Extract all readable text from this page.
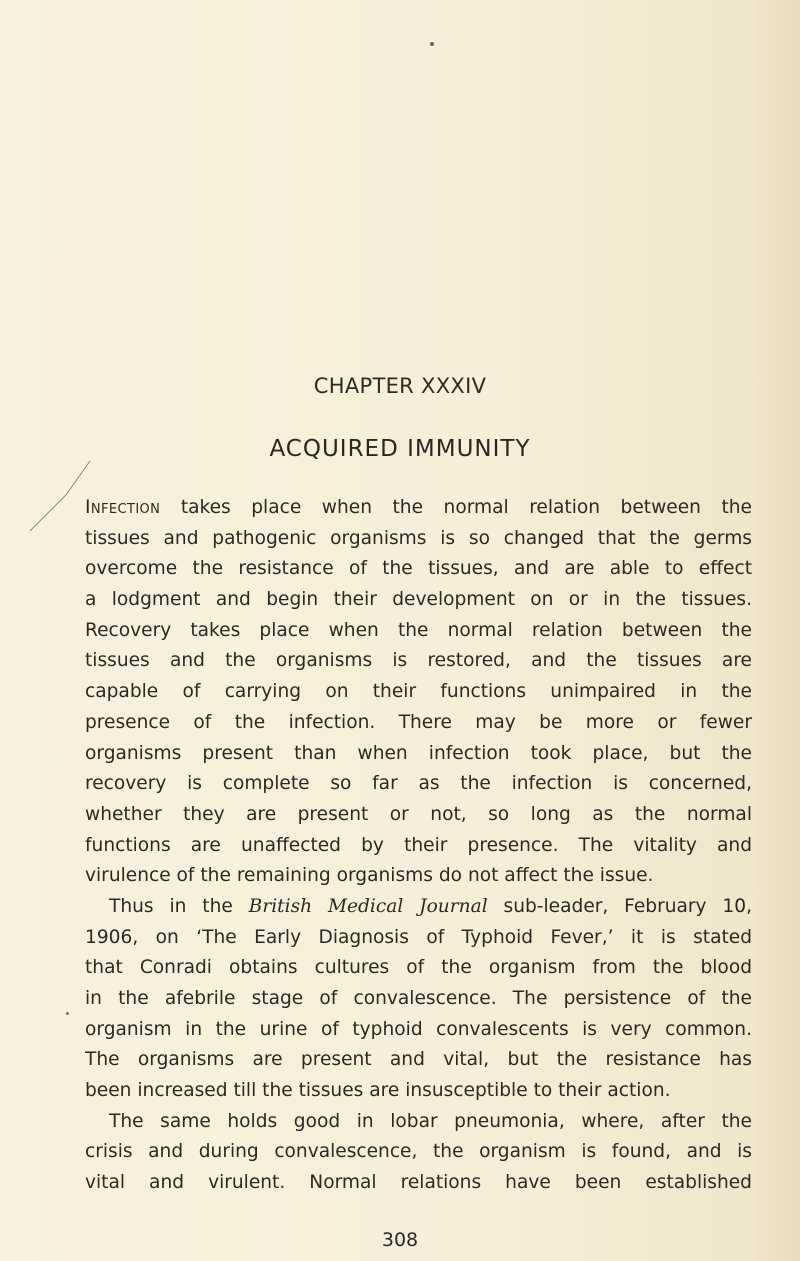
CHAPTER XXXIV
ACQUIRED IMMUNITY
Infection takes place when the normal relation between the
tissues and pathogenic organisms is so changed that the germs
overcome the resistance of the tissues, and are able to effect
a lodgment and begin their development on or in the tissues.
Recovery takes place when the normal relation between the
tissues and the organisms is restored, and the tissues are
capable of carrying on their functions unimpaired in the
presence of the infection. There may be more or fewer
organisms present than when infection took place, but the
recovery is complete so far as the infection is concerned,
whether they are present or not, so long as the normal
functions are unaffected by their presence. The vitality and
virulence of the remaining organisms do not affect the issue.
Thus in the British Medical Journal sub-leader, February 10,
1906, on ‘The Early Diagnosis of Typhoid Fever,’ it is stated
that Conradi obtains cultures of the organism from the blood
in the afebrile stage of convalescence. The persistence of the
organism in the urine of typhoid convalescents is very common.
The organisms are present and vital, but the resistance has
been increased till the tissues are insusceptible to their action.
The same holds good in lobar pneumonia, where, after the
crisis and during convalescence, the organism is found, and is
vital and virulent. Normal relations have been established
308
